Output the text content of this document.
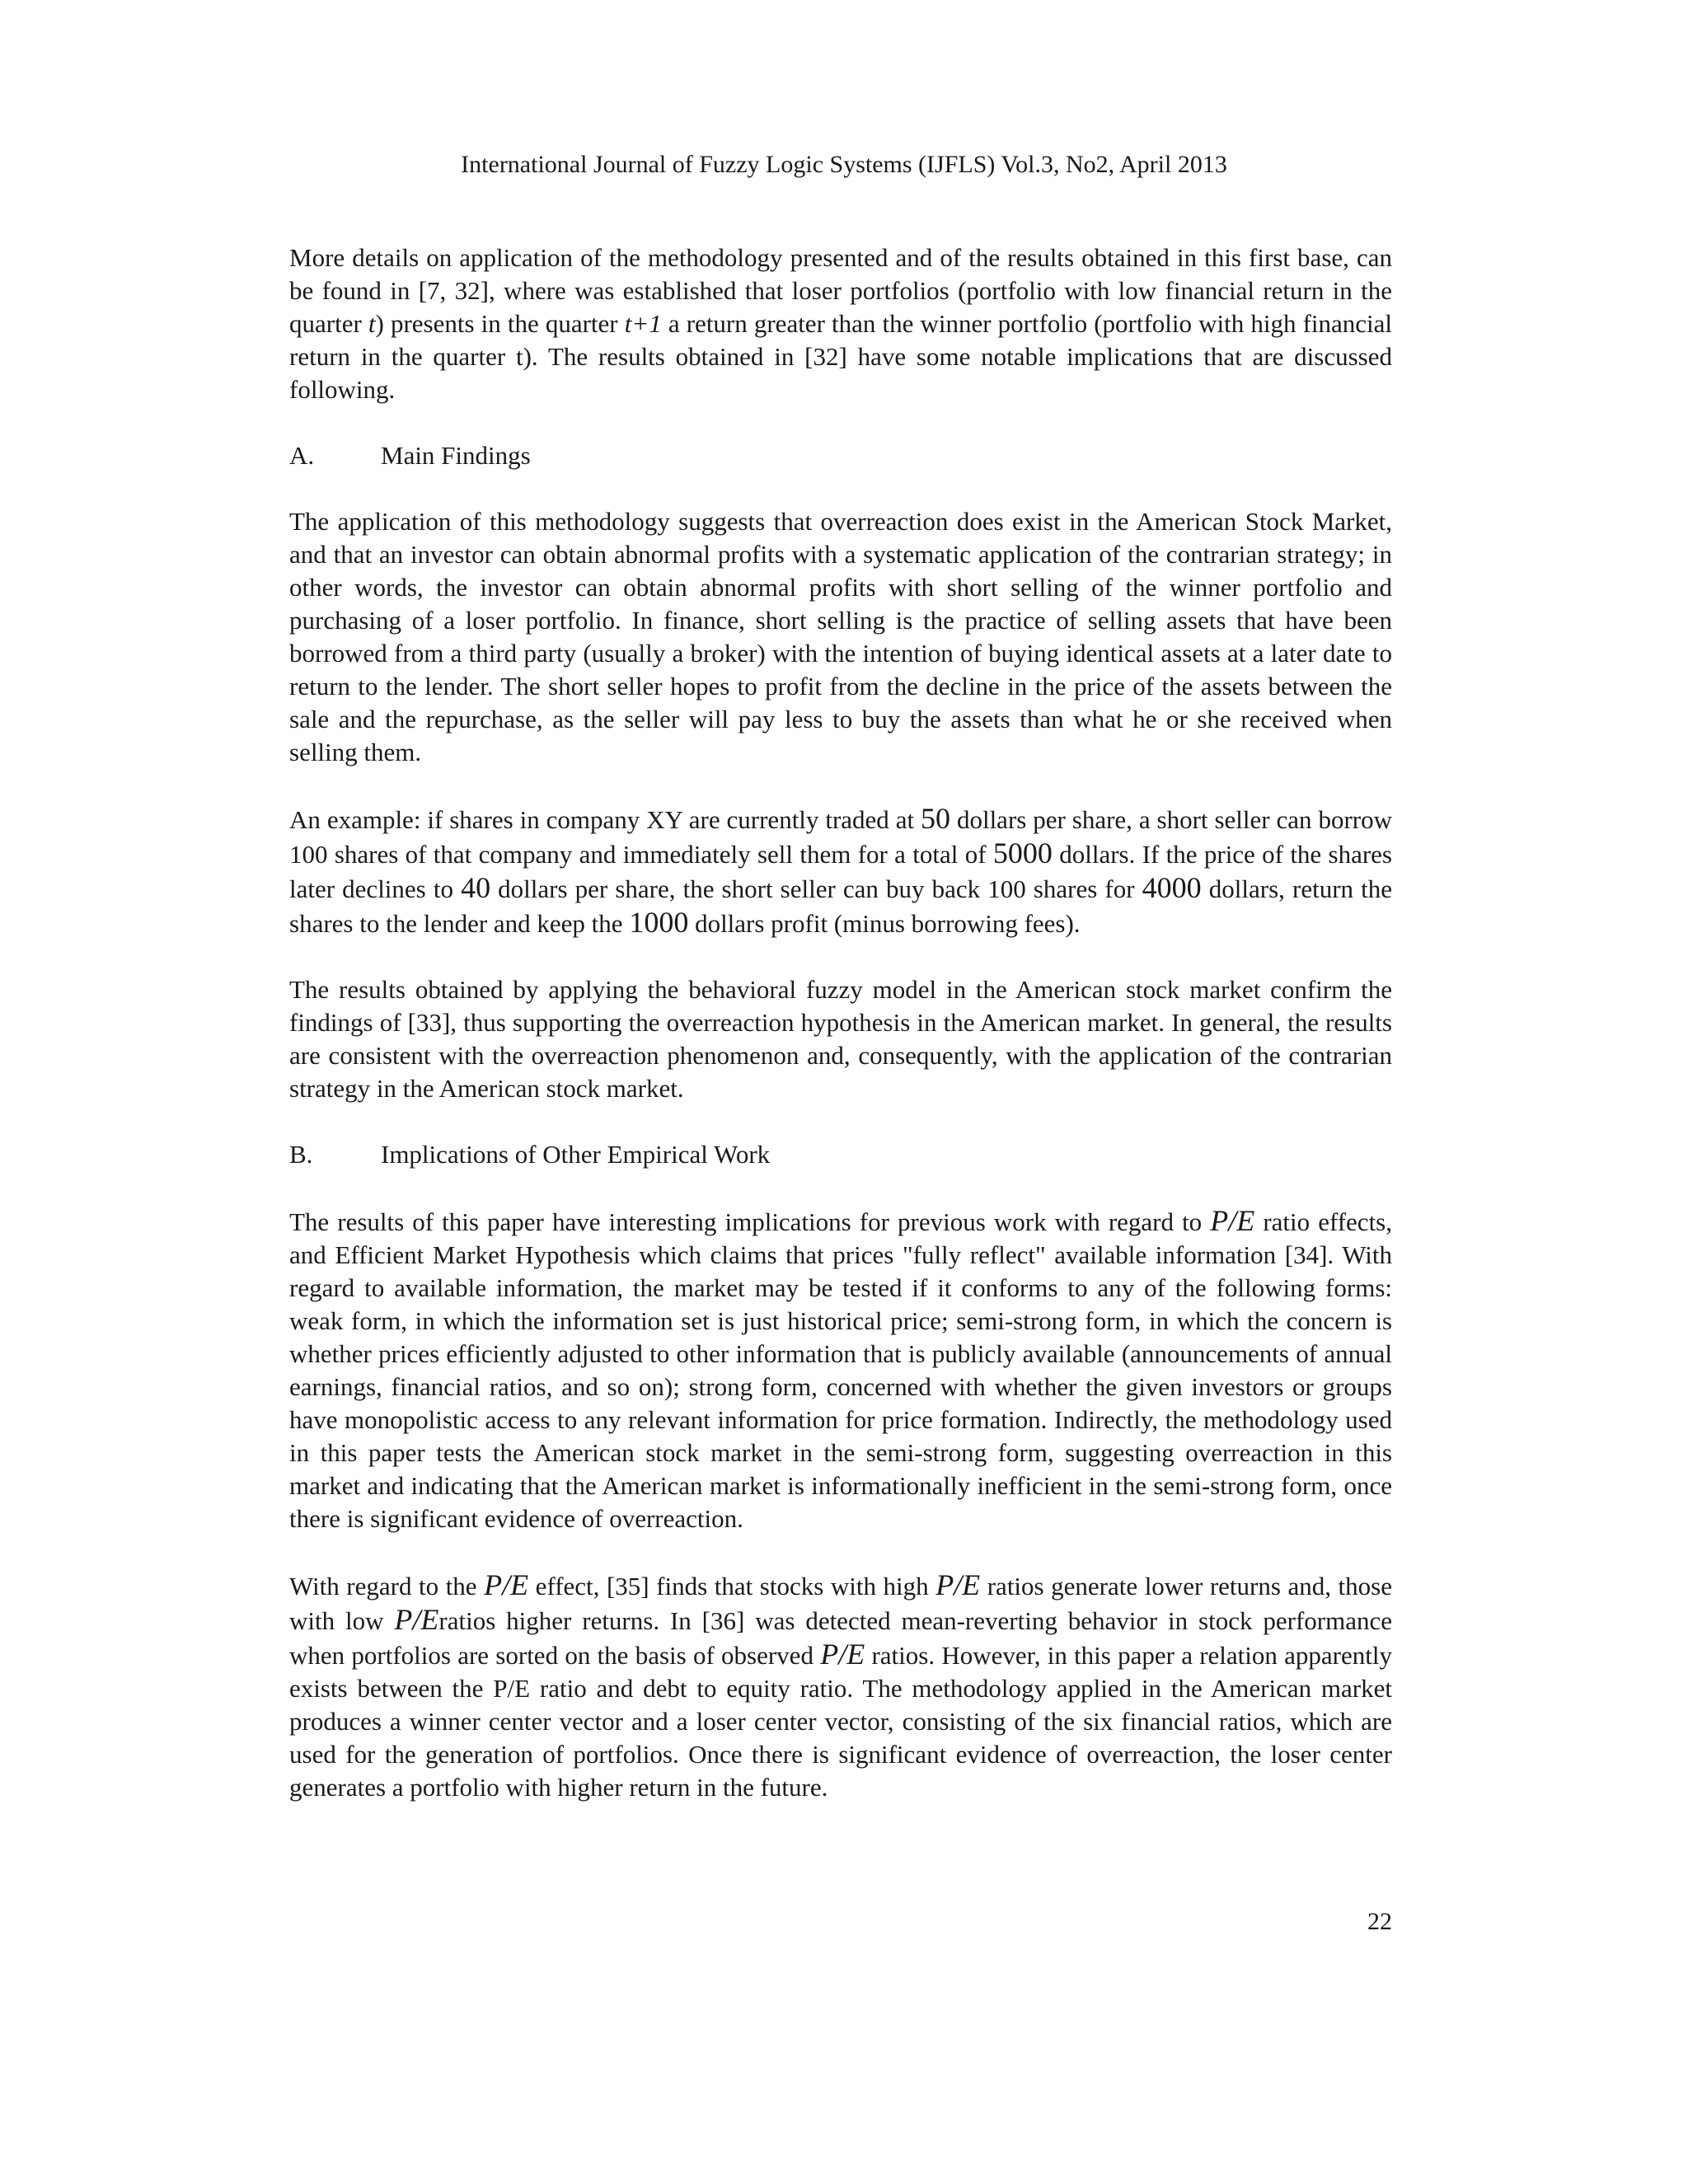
International Journal of Fuzzy Logic Systems (IJFLS) Vol.3, No2, April 2013

More details on application of the methodology presented and of the results obtained in this first base, can be found in [7, 32], where was established that loser portfolios (portfolio with low financial return in the quarter t) presents in the quarter t+1 a return greater than the winner portfolio (portfolio with high financial return in the quarter t). The results obtained in [32] have some notable implications that are discussed following.

A.	Main Findings

The application of this methodology suggests that overreaction does exist in the American Stock Market, and that an investor can obtain abnormal profits with a systematic application of the contrarian strategy; in other words, the investor can obtain abnormal profits with short selling of the winner portfolio and purchasing of a loser portfolio. In finance, short selling is the practice of selling assets that have been borrowed from a third party (usually a broker) with the intention of buying identical assets at a later date to return to the lender. The short seller hopes to profit from the decline in the price of the assets between the sale and the repurchase, as the seller will pay less to buy the assets than what he or she received when selling them.

An example: if shares in company XY are currently traded at 50 dollars per share, a short seller can borrow 100 shares of that company and immediately sell them for a total of 5000 dollars. If the price of the shares later declines to 40 dollars per share, the short seller can buy back 100 shares for 4000 dollars, return the shares to the lender and keep the 1000 dollars profit (minus borrowing fees).

The results obtained by applying the behavioral fuzzy model in the American stock market confirm the findings of [33], thus supporting the overreaction hypothesis in the American market. In general, the results are consistent with the overreaction phenomenon and, consequently, with the application of the contrarian strategy in the American stock market.

B.	Implications of Other Empirical Work

The results of this paper have interesting implications for previous work with regard to P/E ratio effects, and Efficient Market Hypothesis which claims that prices "fully reflect" available information [34]. With regard to available information, the market may be tested if it conforms to any of the following forms: weak form, in which the information set is just historical price; semi-strong form, in which the concern is whether prices efficiently adjusted to other information that is publicly available (announcements of annual earnings, financial ratios, and so on); strong form, concerned with whether the given investors or groups have monopolistic access to any relevant information for price formation. Indirectly, the methodology used in this paper tests the American stock market in the semi-strong form, suggesting overreaction in this market and indicating that the American market is informationally inefficient in the semi-strong form, once there is significant evidence of overreaction.

With regard to the P/E effect, [35] finds that stocks with high P/E ratios generate lower returns and, those with low P/Eratios higher returns. In [36] was detected mean-reverting behavior in stock performance when portfolios are sorted on the basis of observed P/E ratios. However, in this paper a relation apparently exists between the P/E ratio and debt to equity ratio. The methodology applied in the American market produces a winner center vector and a loser center vector, consisting of the six financial ratios, which are used for the generation of portfolios. Once there is significant evidence of overreaction, the loser center generates a portfolio with higher return in the future.

22
